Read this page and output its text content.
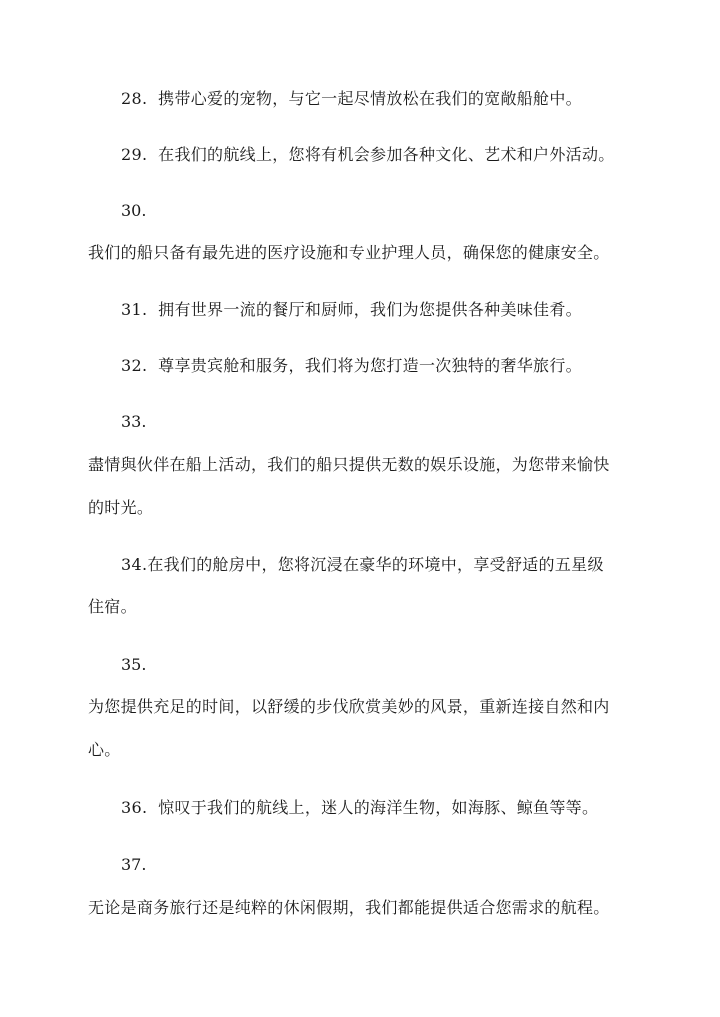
28. 携带心爱的宠物，与它一起尽情放松在我们的宽敞船舱中。
29. 在我们的航线上，您将有机会参加各种文化、艺术和户外活动。
30.
我们的船只备有最先进的医疗设施和专业护理人员，确保您的健康安全。
31. 拥有世界一流的餐厅和厨师，我们为您提供各种美味佳肴。
32. 尊享贵宾舱和服务，我们将为您打造一次独特的奢华旅行。
33.
盡情與伙伴在船上活动，我们的船只提供无数的娱乐设施，为您带来愉快
的时光。
34.在我们的舱房中，您将沉浸在豪华的环境中，享受舒适的五星级
住宿。
35.
为您提供充足的时间，以舒缓的步伐欣赏美妙的风景，重新连接自然和内
心。
36. 惊叹于我们的航线上，迷人的海洋生物，如海豚、鲸鱼等等。
37.
无论是商务旅行还是纯粹的休闲假期，我们都能提供适合您需求的航程。
